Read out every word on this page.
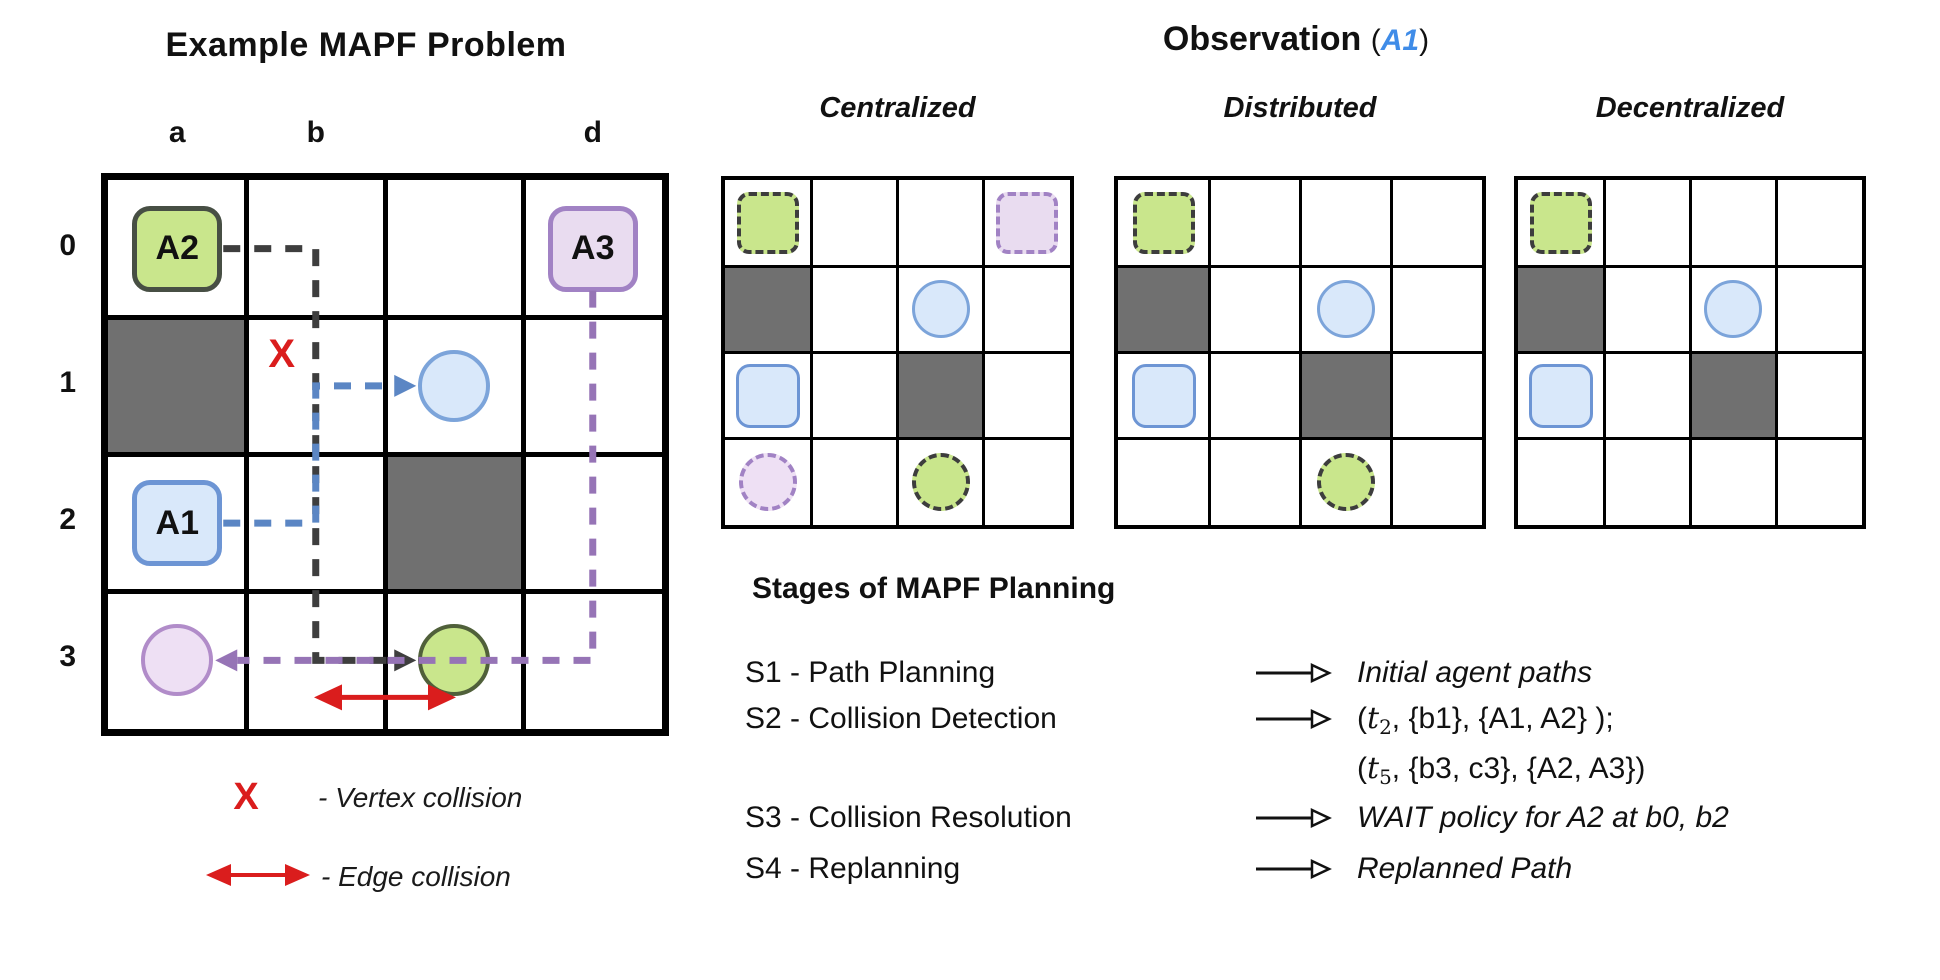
Example MAPF Problem
a	b	d
0
1
2
3
A2	A3
A1
X
X	- Vertex collision
- Edge collision
Observation (A1)
Centralized	Distributed	Decentralized
Stages of MAPF Planning
S1 - Path Planning	Initial agent paths
S2 - Collision Detection	($t_2$, {b1}, {A1, A2} );
($t_5$, {b3, c3}, {A2, A3})
S3 - Collision Resolution	WAIT policy for A2 at b0, b2
S4 - Replanning	Replanned Path
